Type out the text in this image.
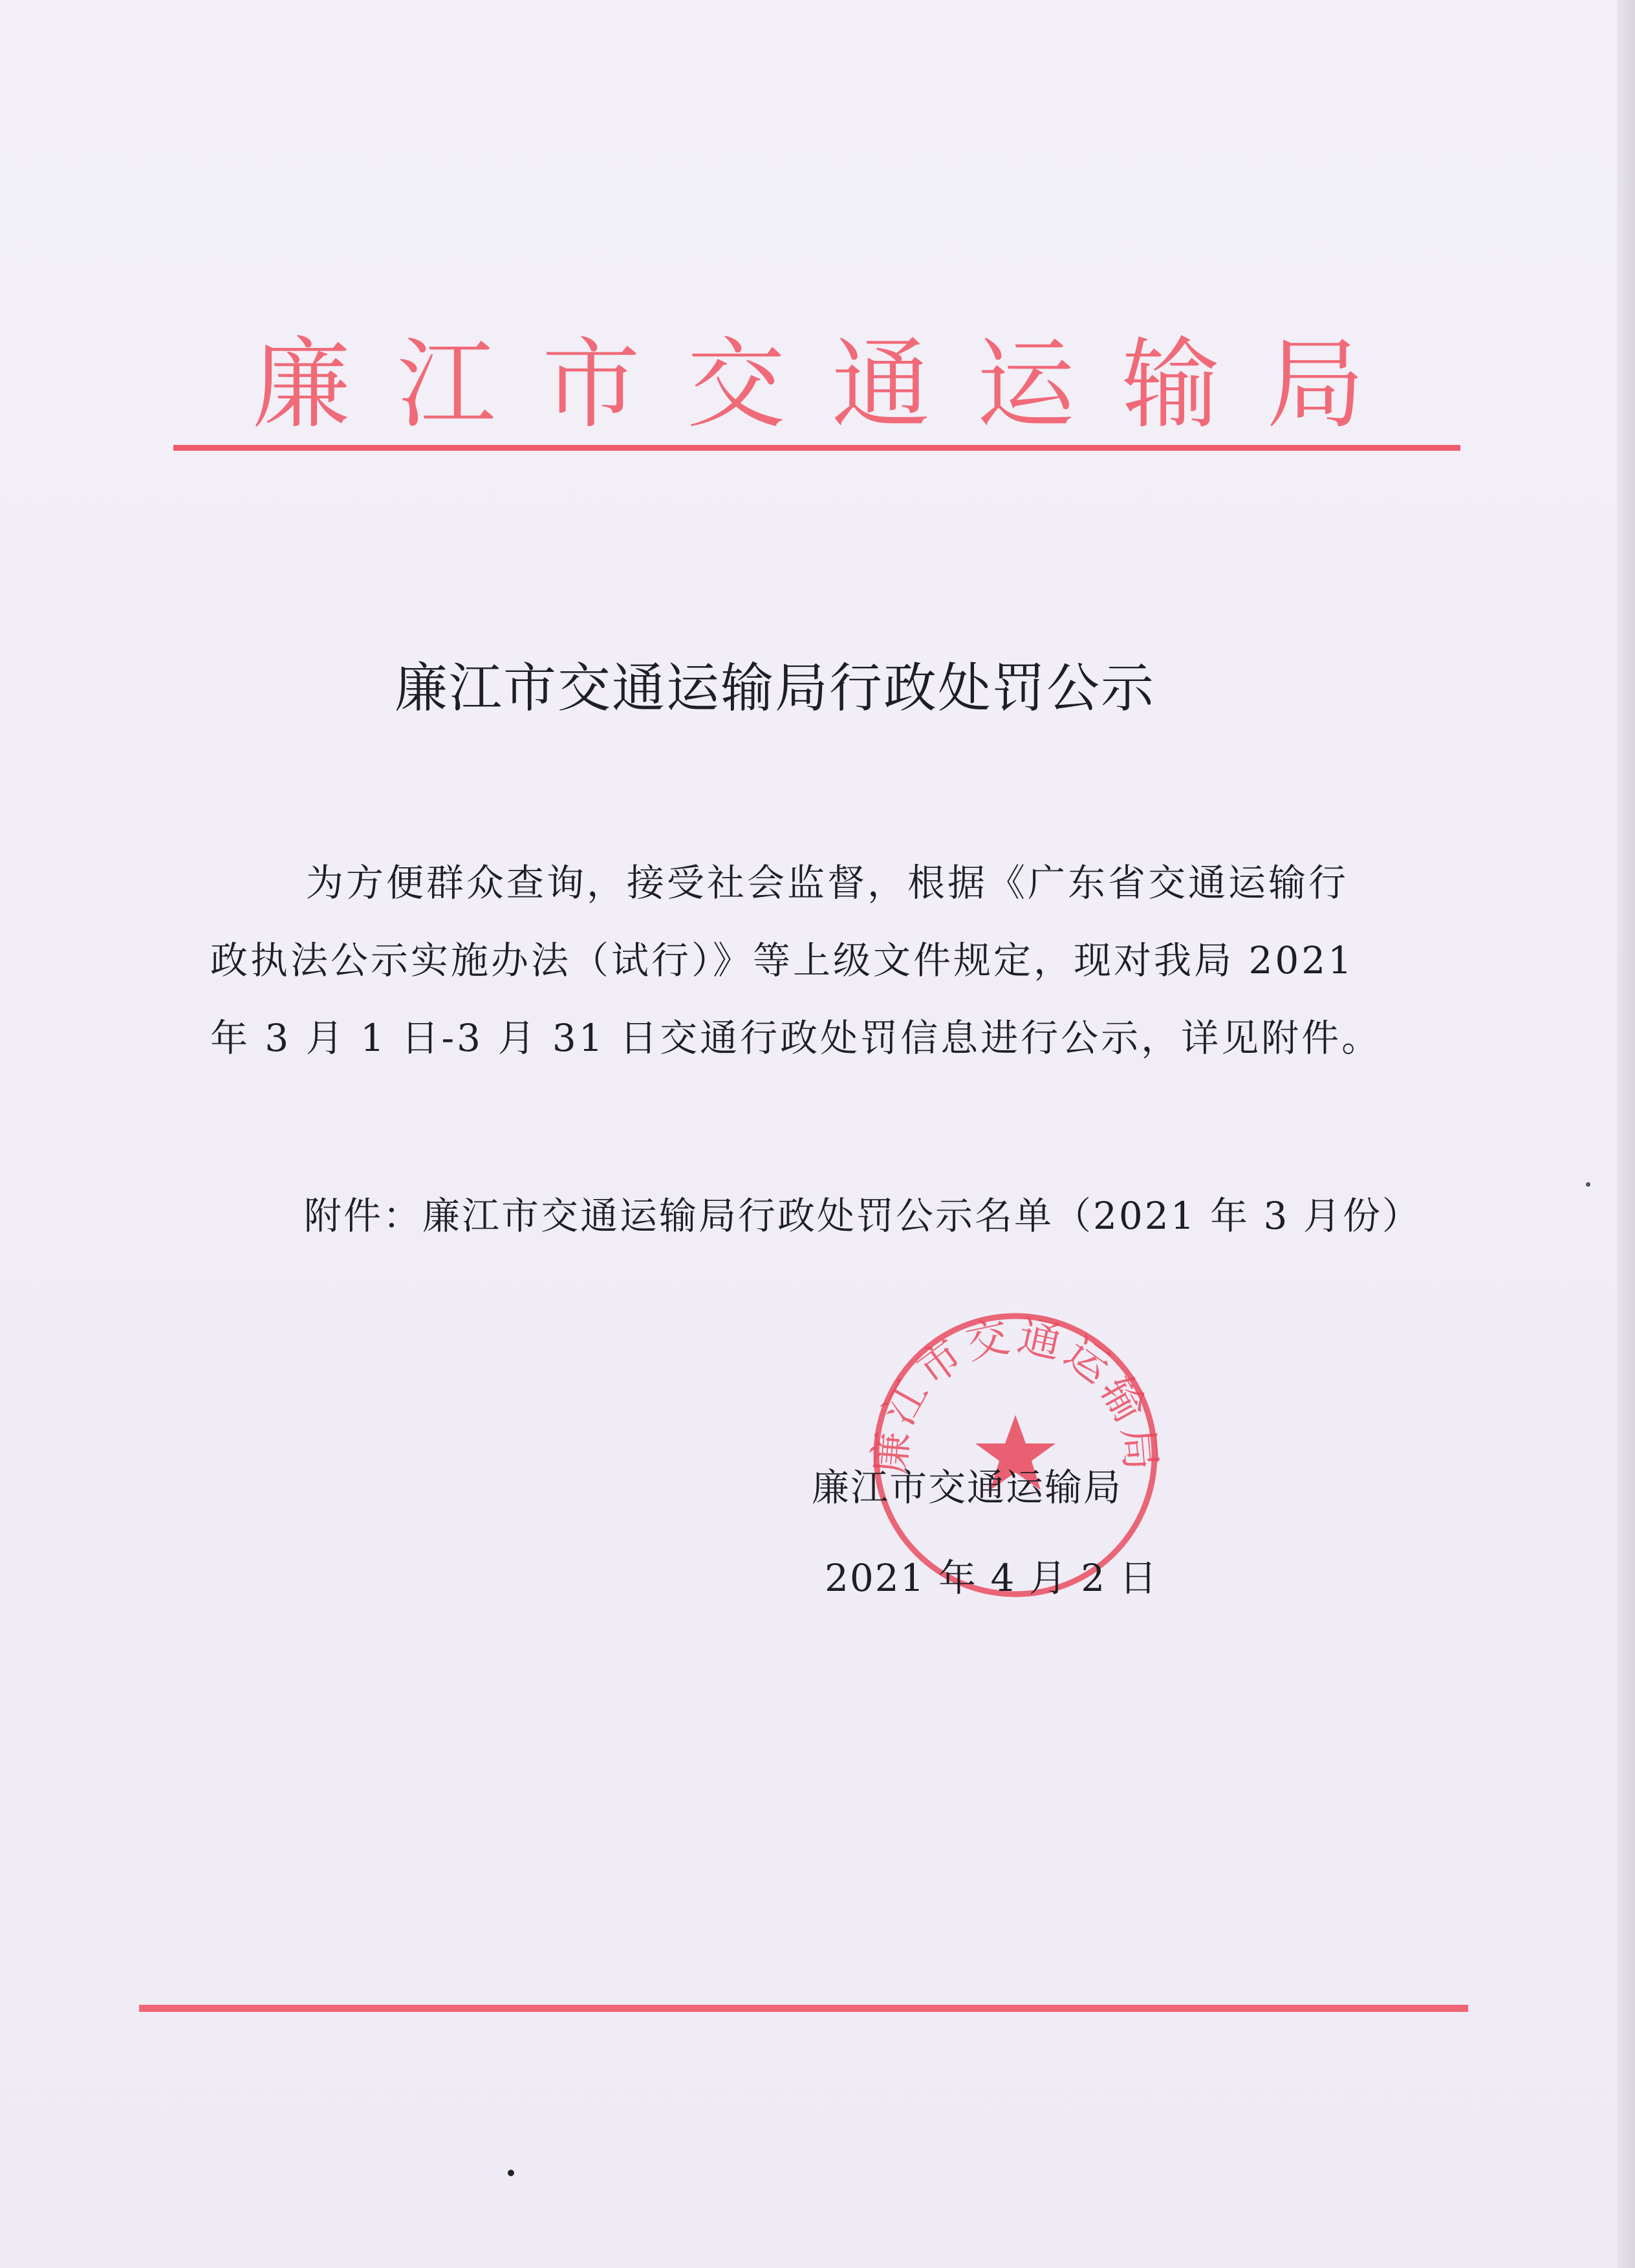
廉江市交通运输局
廉江市交通运输局行政处罚公示
为方便群众查询，接受社会监督，根据《广东省交通运输行
政执法公示实施办法（试行）》等上级文件规定，现对我局 2021
年 3 月 1 日-3 月 31 日交通行政处罚信息进行公示，详见附件。
附件：廉江市交通运输局行政处罚公示名单（2021 年 3 月份）
廉江市交通运输局
廉江市交通运输局
2021 年 4 月 2 日
